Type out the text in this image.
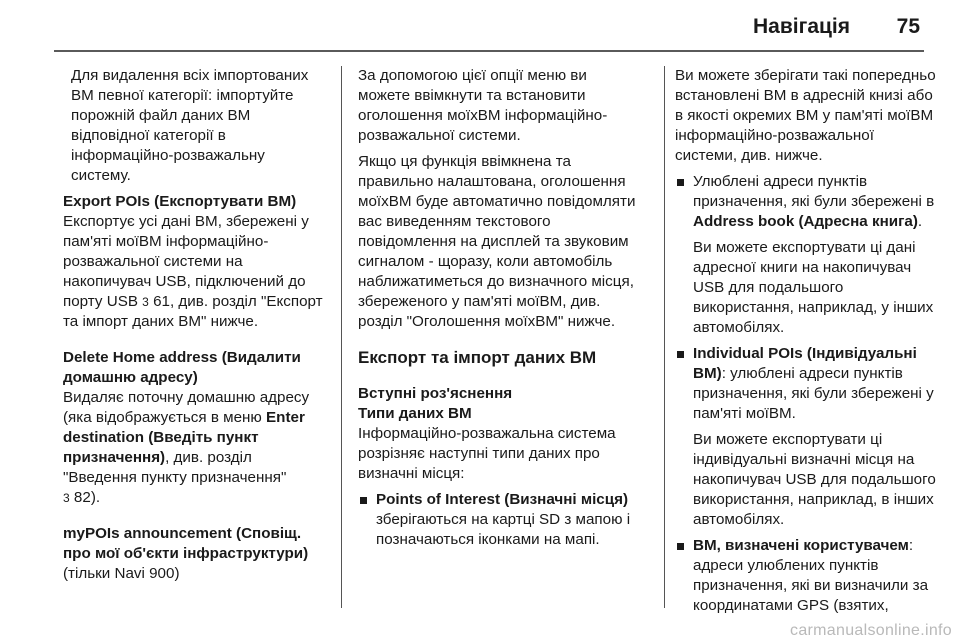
Навігація 75

Для видалення всіх імпортованих ВМ певної категорії: імпортуйте порожній файл даних ВМ відповідної категорії в інформаційно-розважальну систему.

Export POIs (Експортувати ВМ)

Експортує усі дані ВМ, збережені у пам'яті моїВМ інформаційно-розважальної системи на накопичувач USB, підключений до порту USB 3 61, див. розділ "Експорт та імпорт даних ВМ" нижче.

Delete Home address (Видалити домашню адресу)

Видаляє поточну домашню адресу (яка відображується в меню Enter destination (Введіть пункт призначення), див. розділ "Введення пункту призначення"
3 82).

myPOIs announcement (Сповіщ. про мої об'єкти інфраструктури)

(тільки Navi 900)

За допомогою цієї опції меню ви можете ввімкнути та встановити оголошення моїхВМ інформаційно-розважальної системи.

Якщо ця функція ввімкнена та правильно налаштована, оголошення моїхВМ буде автоматично повідомляти вас виведенням текстового повідомлення на дисплей та звуковим сигналом - щоразу, коли автомобіль наближатиметься до визначного місця, збереженого у пам'яті моїВМ, див. розділ "Оголошення моїхВМ" нижче.

Експорт та імпорт даних ВМ

Вступні роз'яснення

Типи даних ВМ

Інформаційно-розважальна система розрізняє наступні типи даних про визначні місця:

Points of Interest (Визначні місця)
зберігаються на картці SD з мапою і позначаються іконками на мапі.

Ви можете зберігати такі попередньо встановлені ВМ в адресній книзі або в якості окремих ВМ у пам'яті моїВМ інформаційно-розважальної системи, див. нижче.

Улюблені адреси пунктів призначення, які були збережені в Address book (Адресна книга).

Ви можете експортувати ці дані адресної книги на накопичувач USB для подальшого використання, наприклад, у інших автомобілях.

Individual POIs (Індивідуальні ВМ): улюблені адреси пунктів призначення, які були збережені у пам'яті моїВМ.

Ви можете експортувати ці індивідуальні визначні місця на накопичувач USB для подальшого використання, наприклад, в інших автомобілях.

ВМ, визначені користувачем: адреси улюблених пунктів призначення, які ви визначили за координатами GPS (взятих,
carmanualsonline.info
